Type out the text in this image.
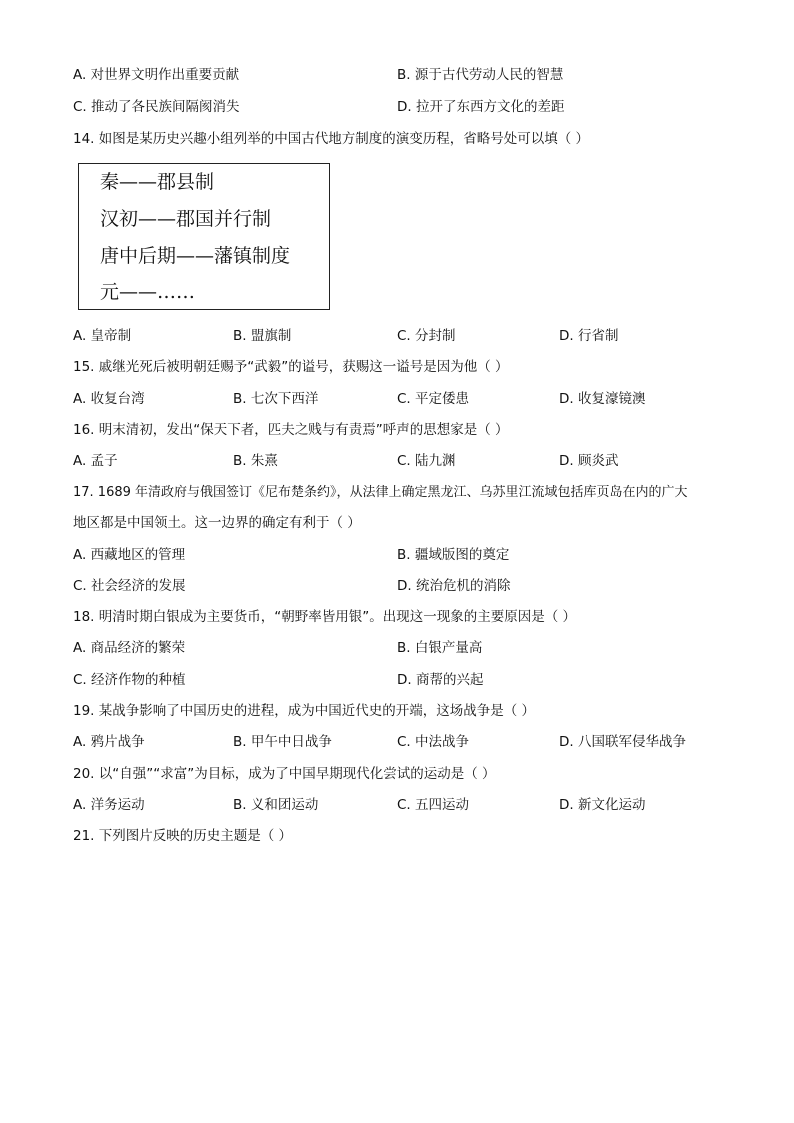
A. 对世界文明作出重要贡献	B. 源于古代劳动人民的智慧
C. 推动了各民族间隔阂消失	D. 拉开了东西方文化的差距
14. 如图是某历史兴趣小组列举的中国古代地方制度的演变历程，省略号处可以填（ ）
秦——郡县制
汉初——郡国并行制
唐中后期——藩镇制度
元——……
A. 皇帝制	B. 盟旗制	C. 分封制	D. 行省制
15. 戚继光死后被明朝廷赐予“武毅”的谥号，获赐这一谥号是因为他（ ）
A. 收复台湾	B. 七次下西洋	C. 平定倭患	D. 收复濠镜澳
16. 明末清初，发出“保天下者，匹夫之贱与有责焉”呼声的思想家是（ ）
A. 孟子	B. 朱熹	C. 陆九渊	D. 顾炎武
17. 1689 年清政府与俄国签订《尼布楚条约》，从法律上确定黑龙江、乌苏里江流域包括库页岛在内的广大
地区都是中国领土。这一边界的确定有利于（ ）
A. 西藏地区的管理	B. 疆域版图的奠定
C. 社会经济的发展	D. 统治危机的消除
18. 明清时期白银成为主要货币，“朝野率皆用银”。出现这一现象的主要原因是（ ）
A. 商品经济的繁荣	B. 白银产量高
C. 经济作物的种植	D. 商帮的兴起
19. 某战争影响了中国历史的进程，成为中国近代史的开端，这场战争是（ ）
A. 鸦片战争	B. 甲午中日战争	C. 中法战争	D. 八国联军侵华战争
20. 以“自强”“求富”为目标，成为了中国早期现代化尝试的运动是（ ）
A. 洋务运动	B. 义和团运动	C. 五四运动	D. 新文化运动
21. 下列图片反映的历史主题是（ ）
